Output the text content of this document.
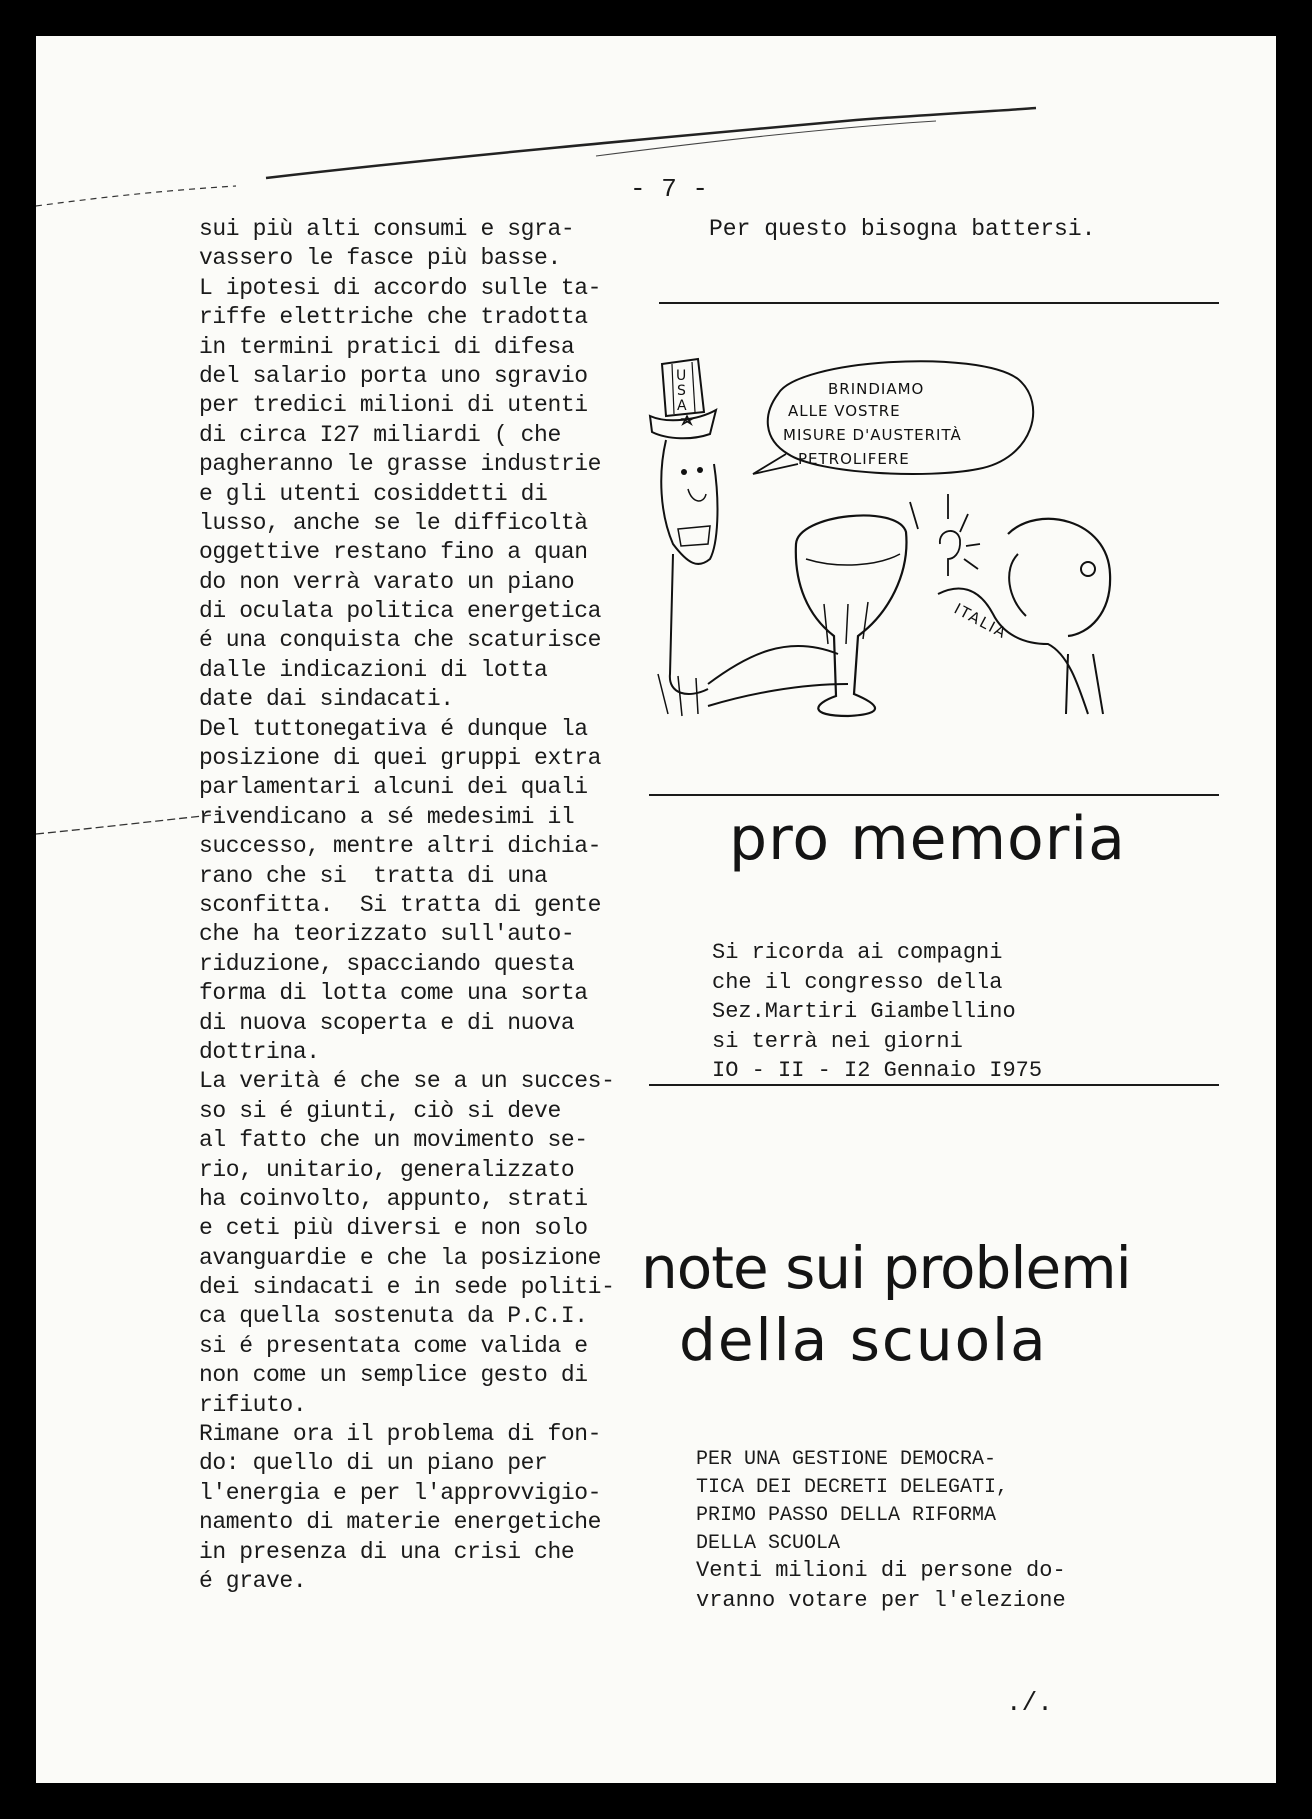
- 7 -
sui più alti consumi e sgra-
vassero le fasce più basse.
L ipotesi di accordo sulle ta-
riffe elettriche che tradotta
in termini pratici di difesa
del salario porta uno sgravio
per tredici milioni di utenti
di circa I27 miliardi ( che
pagheranno le grasse industrie
e gli utenti cosiddetti di
lusso, anche se le difficoltà
oggettive restano fino a quan
do non verrà varato un piano
di oculata politica energetica
é una conquista che scaturisce
dalle indicazioni di lotta
date dai sindacati.
Del tuttonegativa é dunque la
posizione di quei gruppi extra
parlamentari alcuni dei quali
rivendicano a sé medesimi il
successo, mentre altri dichia-
rano che si  tratta di una
sconfitta.  Si tratta di gente
che ha teorizzato sull'auto-
riduzione, spacciando questa
forma di lotta come una sorta
di nuova scoperta e di nuova
dottrina.
La verità é che se a un succes-
so si é giunti, ciò si deve
al fatto che un movimento se-
rio, unitario, generalizzato
ha coinvolto, appunto, strati
e ceti più diversi e non solo
avanguardie e che la posizione
dei sindacati e in sede politi-
ca quella sostenuta da P.C.I.
si é presentata come valida e
non come un semplice gesto di
rifiuto.
Rimane ora il problema di fon-
do: quello di un piano per
l'energia e per l'approvvigio-
namento di materie energetiche
in presenza di una crisi che
é grave.
Per questo bisogna battersi.
BRINDIAMO
ALLE VOSTRE
MISURE D'AUSTERITÀ
PETROLIFERE
U
S
A
ITALIA
pro memoria
Si ricorda ai compagni
che il congresso della
Sez.Martiri Giambellino
si terrà nei giorni
IO - II - I2 Gennaio I975
note sui problemi
della scuola
PER UNA GESTIONE DEMOCRA-
TICA DEI DECRETI DELEGATI,
PRIMO PASSO DELLA RIFORMA
DELLA SCUOLA
Venti milioni di persone do-
vranno votare per l'elezione
./.
